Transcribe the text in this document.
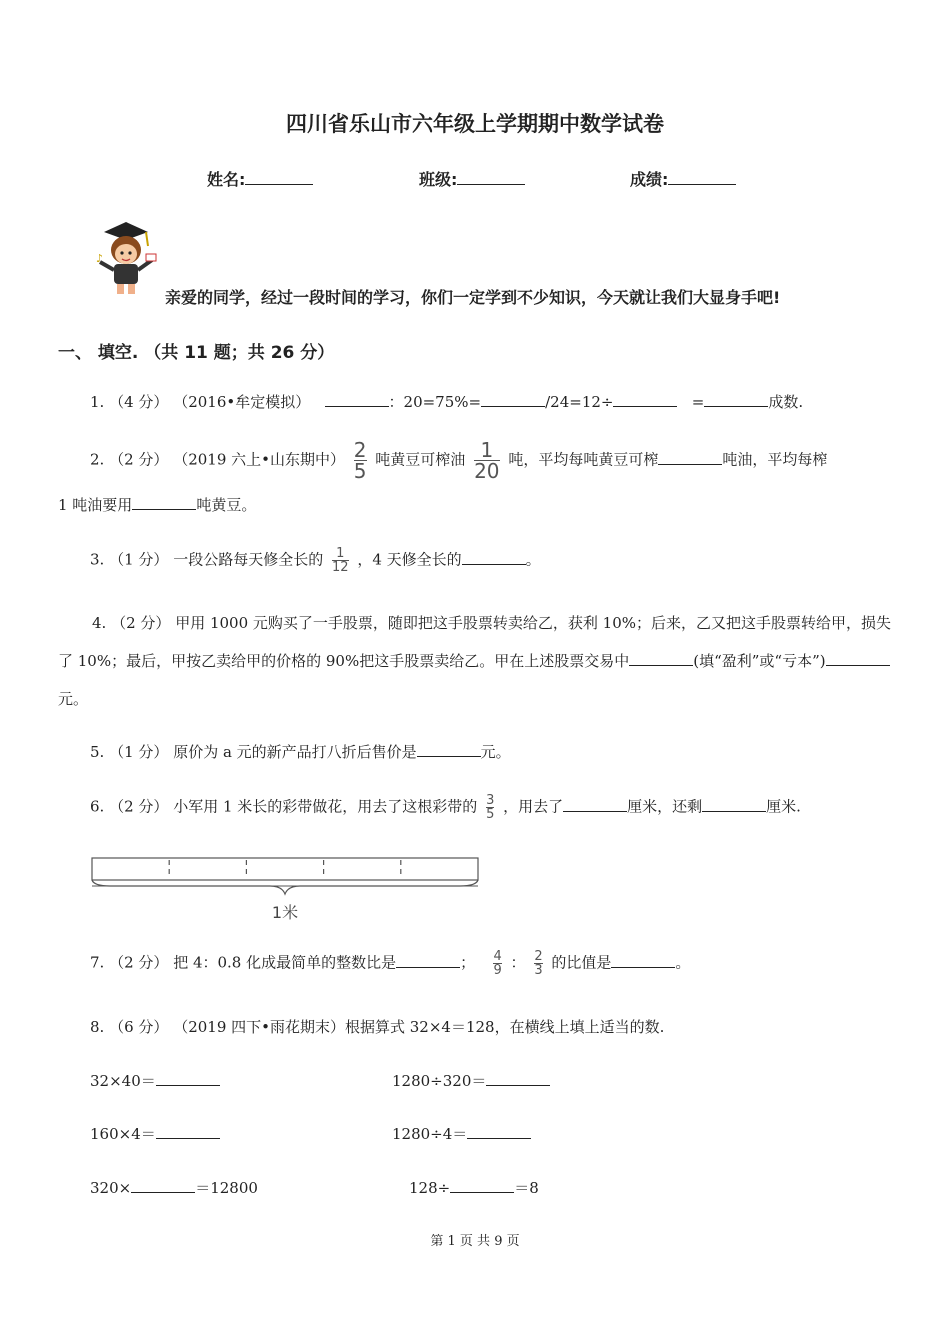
四川省乐山市六年级上学期期中数学试卷
姓名:	班级:	成绩:
♪
亲爱的同学，经过一段时间的学习，你们一定学到不少知识，今天就让我们大显身手吧!
一、 填空. （共 11 题；共 26 分）
1. （4 分） （2016•牟定模拟）	：20=75%=	/24=12÷	=	成数.
2. （2 分） （2019 六上•山东期中） $\frac{2}{5}$ 吨黄豆可榨油 $\frac{1}{20}$ 吨，平均每吨黄豆可榨	吨油，平均每榨
1 吨油要用	吨黄豆。
3. （1 分） 一段公路每天修全长的 $\frac{1}{12}$ ，4 天修全长的	。
4. （2 分） 甲用 1000 元购买了一手股票，随即把这手股票转卖给乙，获利 10%；后来，乙又把这手股票转给甲，损失了 10%；最后，甲按乙卖给甲的价格的 90%把这手股票卖给乙。甲在上述股票交易中	(填“盈利”或“亏本”)元。
5. （1 分） 原价为 a 元的新产品打八折后售价是	元。
6. （2 分） 小军用 1 米长的彩带做花，用去了这根彩带的 $\frac{3}{5}$ ，用去了	厘米，还剩	厘米.
1米
7. （2 分） 把 4：0.8 化成最简单的整数比是	； $\frac{4}{9}$ ： $\frac{2}{3}$ 的比值是	。
8. （6 分） （2019 四下•雨花期末）根据算式 32×4＝128，在横线上填上适当的数.
32×40＝	1280÷320＝
160×4＝	1280÷4＝
320×	＝12800	128÷	＝8
第 1 页 共 9 页
